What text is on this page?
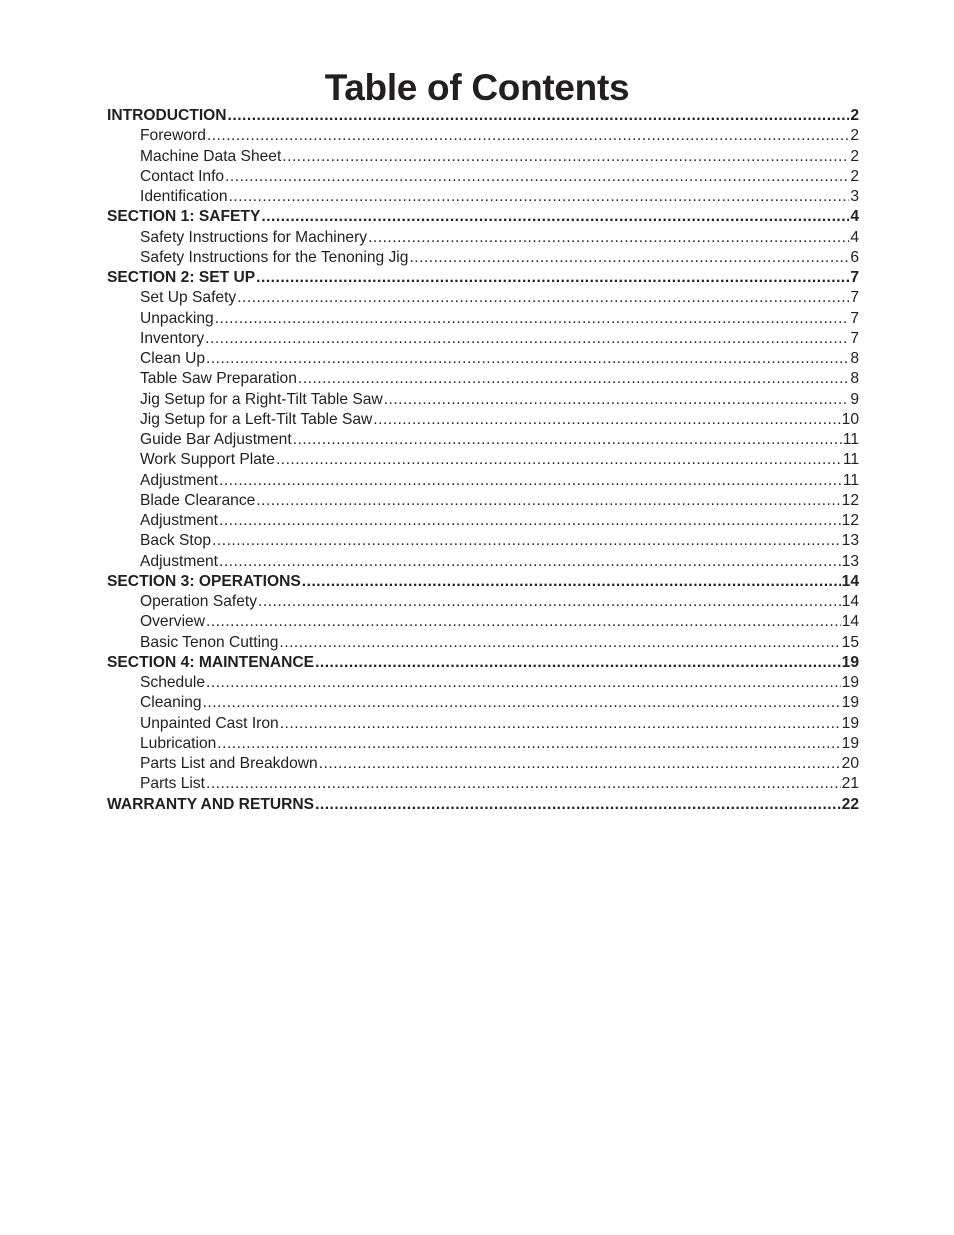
Table of Contents
INTRODUCTION .....	2
Foreword .....	2
Machine Data Sheet .....	2
Contact Info .....	2
Identification .....	3
SECTION 1: SAFETY .....	4
Safety Instructions for Machinery .....	4
Safety Instructions for the Tenoning Jig .....	6
SECTION 2: SET UP .....	7
Set Up Safety .....	7
Unpacking .....	7
Inventory .....	7
Clean Up .....	8
Table Saw Preparation .....	8
Jig Setup for a Right-Tilt Table Saw .....	9
Jig Setup for a Left-Tilt Table Saw .....	10
Guide Bar Adjustment .....	11
Work Support Plate .....	11
Adjustment .....	11
Blade Clearance .....	12
Adjustment .....	12
Back Stop .....	13
Adjustment .....	13
SECTION 3: OPERATIONS .....	14
Operation Safety .....	14
Overview .....	14
Basic Tenon Cutting .....	15
SECTION 4: MAINTENANCE .....	19
Schedule .....	19
Cleaning .....	19
Unpainted Cast Iron .....	19
Lubrication .....	19
Parts List and Breakdown .....	20
Parts List .....	21
WARRANTY AND RETURNS .....	22
